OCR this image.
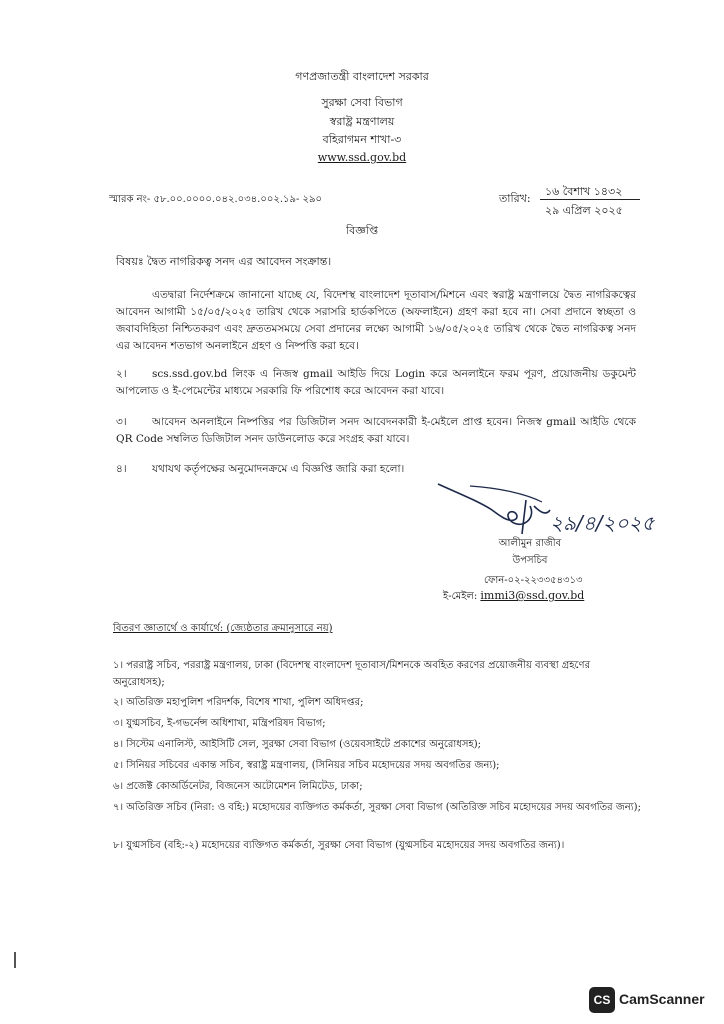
গণপ্রজাতন্ত্রী বাংলাদেশ সরকার
সুরক্ষা সেবা বিভাগ
স্বরাষ্ট্র মন্ত্রণালয়
বহিরাগমন শাখা-৩
www.ssd.gov.bd
স্মারক নং- ৫৮.০০.০০০০.০৪২.০৩৪.০০২.১৯- ২৯০	তারিখ:
১৬ বৈশাখ ১৪৩২
২৯ এপ্রিল ২০২৫
বিজ্ঞপ্তি
বিষয়ঃ দ্বৈত নাগরিকত্ব সনদ এর আবেদন সংক্রান্ত।
এতদ্বারা নির্দেশক্রমে জানানো যাচ্ছে যে, বিদেশস্থ বাংলাদেশ দূতাবাস/মিশনে এবং স্বরাষ্ট্র মন্ত্রণালয়ে দ্বৈত নাগরিকত্বের আবেদন আগামী ১৫/০৫/২০২৫ তারিখ থেকে সরাসরি হার্ডকপিতে (অফলাইনে) গ্রহণ করা হবে না। সেবা প্রদানে স্বচ্ছতা ও জবাবদিহিতা নিশ্চিতকরণ এবং দ্রুততমসময়ে সেবা প্রদানের লক্ষ্যে আগামী ১৬/০৫/২০২৫ তারিখ থেকে দ্বৈত নাগরিকত্ব সনদ এর আবেদন শতভাগ অনলাইনে গ্রহণ ও নিষ্পত্তি করা হবে।
২। scs.ssd.gov.bd লিংক এ নিজস্ব gmail আইডি দিয়ে Login করে অনলাইনে ফরম পূরণ, প্রয়োজনীয় ডকুমেন্ট আপলোড ও ই-পেমেন্টের মাধ্যমে সরকারি ফি পরিশোধ করে আবেদন করা যাবে।
৩। আবেদন অনলাইনে নিষ্পত্তির পর ডিজিটাল সনদ আবেদনকারী ই-মেইলে প্রাপ্ত হবেন। নিজস্ব gmail আইডি থেকে QR Code সম্বলিত ডিজিটাল সনদ ডাউনলোড করে সংগ্রহ করা যাবে।
৪। যথাযথ কর্তৃপক্ষের অনুমোদনক্রমে এ বিজ্ঞপ্তি জারি করা হলো।
২৯/৪/২০২৫
আলীমুন রাজীব
উপসচিব
ফোন-০২-২২৩৩৫৪৩১৩
ই-মেইল: immi3@ssd.gov.bd
বিতরণ জ্ঞাতার্থে ও কার্যার্থে: (জ্যেষ্ঠতার ক্রমানুসারে নয়)
১। পররাষ্ট্র সচিব, পররাষ্ট্র মন্ত্রণালয়, ঢাকা (বিদেশস্থ বাংলাদেশ দূতাবাস/মিশনকে অবহিত করণের প্রয়োজনীয় ব্যবস্থা গ্রহণের অনুরোধসহ);
২। অতিরিক্ত মহাপুলিশ পরিদর্শক, বিশেষ শাখা, পুলিশ অধিদপ্তর;
৩। যুগ্মসচিব, ই-গভর্নেন্স অধিশাখা, মন্ত্রিপরিষদ বিভাগ;
৪। সিস্টেম এনালিস্ট, আইসিটি সেল, সুরক্ষা সেবা বিভাগ (ওয়েবসাইটে প্রকাশের অনুরোধসহ);
৫। সিনিয়র সচিবের একান্ত সচিব, স্বরাষ্ট্র মন্ত্রণালয়, (সিনিয়র সচিব মহোদয়ের সদয় অবগতির জন্য);
৬। প্রজেক্ট কোঅর্ডিনেটর, বিজনেস অটোমেশন লিমিটেড, ঢাকা;
৭। অতিরিক্ত সচিব (নিরা: ও বহি:) মহোদয়ের ব্যক্তিগত কর্মকর্তা, সুরক্ষা সেবা বিভাগ (অতিরিক্ত সচিব মহোদয়ের সদয় অবগতির জন্য);
৮। যুগ্মসচিব (বহি:-২) মহোদয়ের ব্যক্তিগত কর্মকর্তা, সুরক্ষা সেবা বিভাগ (যুগ্মসচিব মহোদয়ের সদয় অবগতির জন্য)।
CS CamScanner
